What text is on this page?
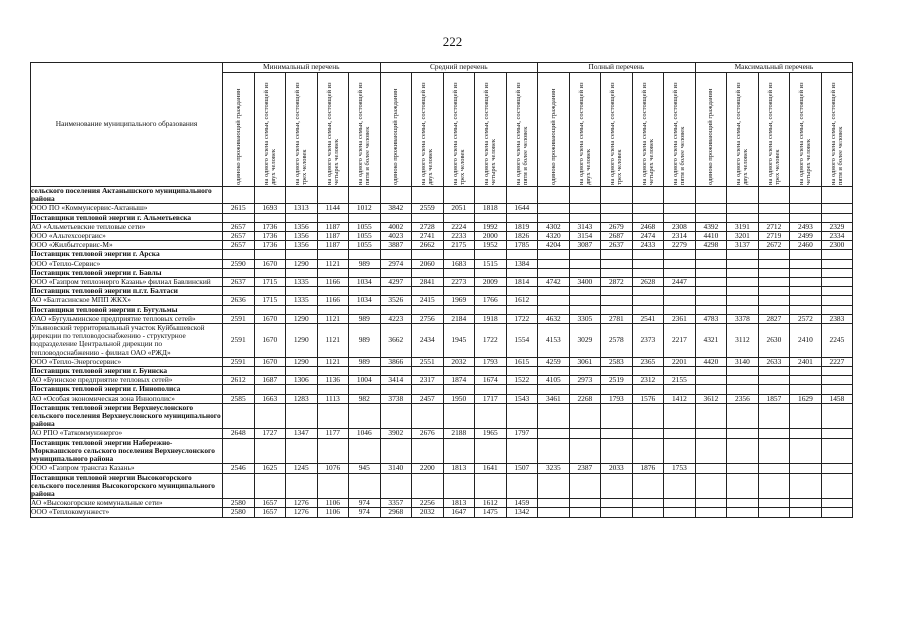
222
Наименование муниципального образования	Минимальный перечень					Средний перечень					Полный перечень					Максимальный перечень				

	одиноко проживающий гражданин	на одного члена семьи, состоящей из двух человек	на одного члена семьи, состоящей из трех человек	на одного члена семьи, состоящей из четырех человек	на одного члена семьи, состоящей из пяти и более человек	одиноко проживающий гражданин	на одного члена семьи, состоящей из двух человек	на одного члена семьи, состоящей из трех человек	на одного члена семьи, состоящей из четырех человек	на одного члена семьи, состоящей из пяти и более человек	одиноко проживающий гражданин	на одного члена семьи, состоящей из двух человек	на одного члена семьи, состоящей из трех человек	на одного члена семьи, состоящей из четырех человек	на одного члена семьи, состоящей из пяти и более человек	одиноко проживающий гражданин	на одного члена семьи, состоящей из двух человек	на одного члена семьи, состоящей из трех человек	на одного члена семьи, состоящей из четырех человек	на одного члена семьи, состоящей из пяти и более человек

сельского поселения Актанышского муниципального района																				
ООО ПО «Коммунсервис-Актаныш»	2615	1693	1313	1144	1012	3842	2559	2051	1818	1644										
Поставщики тепловой энергии г. Альметьевска																				
АО «Альметьевские тепловые сети»	2657	1736	1356	1187	1055	4002	2728	2224	1992	1819	4302	3143	2679	2468	2308	4392	3191	2712	2493	2329
ООО «Альтехсоергаис»	2657	1736	1356	1187	1055	4023	2741	2233	2000	1826	4320	3154	2687	2474	2314	4410	3201	2719	2499	2334
ООО «Жилбытсервис-М»	2657	1736	1356	1187	1055	3887	2662	2175	1952	1785	4204	3087	2637	2433	2279	4298	3137	2672	2460	2300
Поставщик тепловой энергии г. Арска																				
ООО «Тепло-Сервис»	2590	1670	1290	1121	989	2974	2060	1683	1515	1384										
Поставщик тепловой энергии г. Бавлы																				
ООО «Газпром теплоэнерго Казань» филиал Бавлинский	2637	1715	1335	1166	1034	4297	2841	2273	2009	1814	4742	3400	2872	2628	2447					
Поставщик тепловой энергии п.г.т. Балтаси																				
АО «Балтасинское МПП ЖКХ»	2636	1715	1335	1166	1034	3526	2415	1969	1766	1612										
Поставщики тепловой энергии г. Бугульмы																				
ОАО «Бугульминское предприятие тепловых сетей»	2591	1670	1290	1121	989	4223	2756	2184	1918	1722	4632	3305	2781	2541	2361	4783	3378	2827	2572	2383
Ульяновский территориальный участок Куйбышевской дирекции по тепловодоснабжению - структурное подразделение Центральной дирекции по тепловодоснабжению - филиал ОАО «РЖД»	2591	1670	1290	1121	989	3662	2434	1945	1722	1554	4153	3029	2578	2373	2217	4321	3112	2630	2410	2245
ООО «Тепло-Энергосервис»	2591	1670	1290	1121	989	3866	2551	2032	1793	1615	4259	3061	2583	2365	2201	4420	3140	2633	2401	2227
Поставщик тепловой энергии г. Буинска																				
АО «Буинское предприятие тепловых сетей»	2612	1687	1306	1136	1004	3414	2317	1874	1674	1522	4105	2973	2519	2312	2155					
Поставщик тепловой энергии г. Иннополиса																				
АО «Особая экономическая зона Иннополис»	2585	1663	1283	1113	982	3738	2457	1950	1717	1543	3461	2268	1793	1576	1412	3612	2356	1857	1629	1458
Поставщик тепловой энергии Верхнеуслонского сельского поселения Верхнеуслонского муниципального района																				
АО РПО «Таткоммунэнерго»	2648	1727	1347	1177	1046	3902	2676	2188	1965	1797										
Поставщик тепловой энергии Набережно-Морквашского сельского поселения Верхнеуслонского муниципального района																				
ООО «Газпром трансгаз Казань»	2546	1625	1245	1076	945	3140	2200	1813	1641	1507	3235	2387	2033	1876	1753					
Поставщики тепловой энергии Высокогорского сельского поселения Высокогорского муниципального района																				
АО «Высокогорские коммунальные сети»	2580	1657	1276	1106	974	3357	2256	1813	1612	1459										
ООО «Теплокомунжест»	2580	1657	1276	1106	974	2968	2032	1647	1475	1342										
